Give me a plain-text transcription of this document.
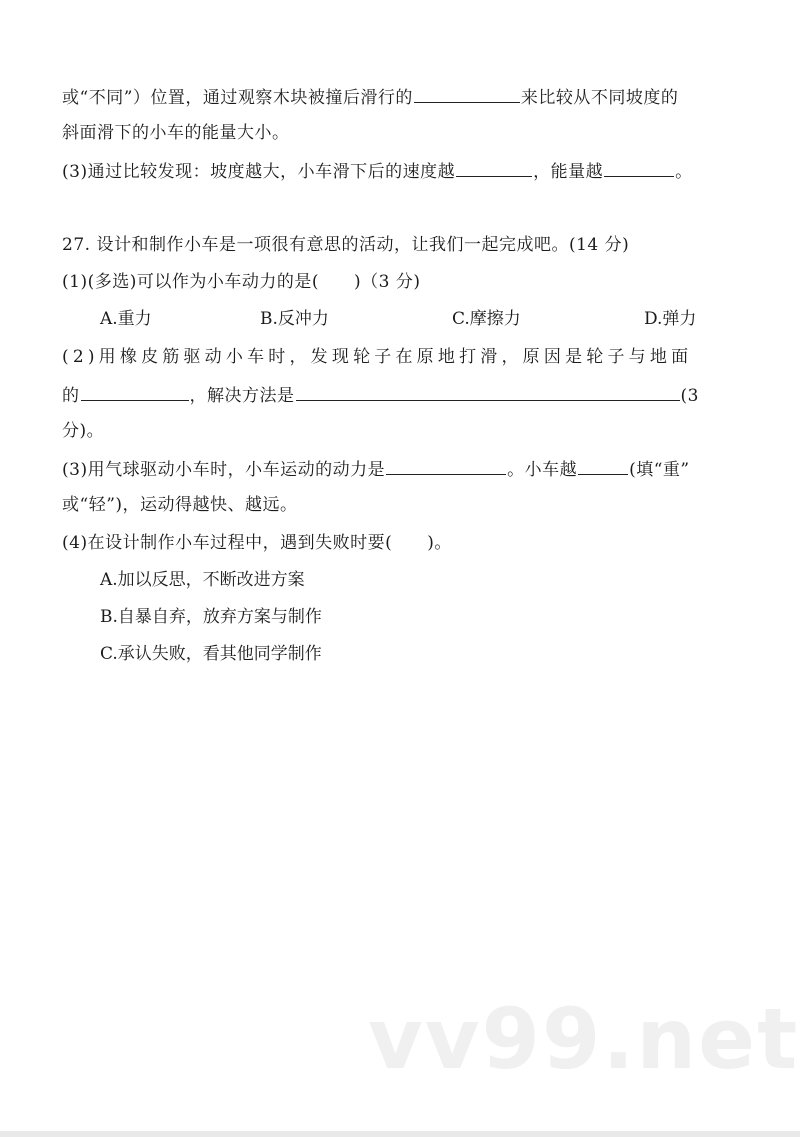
或“不同”）位置，通过观察木块被撞后滑行的	来比较从不同坡度的
斜面滑下的小车的能量大小。
(3)通过比较发现：坡度越大，小车滑下后的速度越	，能量越	。
27. 设计和制作小车是一项很有意思的活动，让我们一起完成吧。(14 分)
(1)(多选)可以作为小车动力的是(　　)（3 分)
A.重力	B.反冲力	C.摩擦力	D.弹力
(2)用橡皮筋驱动小车时，发现轮子在原地打滑，原因是轮子与地面
的	，解决方法是	(3
分)。
(3)用气球驱动小车时，小车运动的动力是	。小车越	(填“重”
或“轻”)，运动得越快、越远。
(4)在设计制作小车过程中，遇到失败时要(　　)。
A.加以反思，不断改进方案
B.自暴自弃，放弃方案与制作
C.承认失败，看其他同学制作
vv99.net
